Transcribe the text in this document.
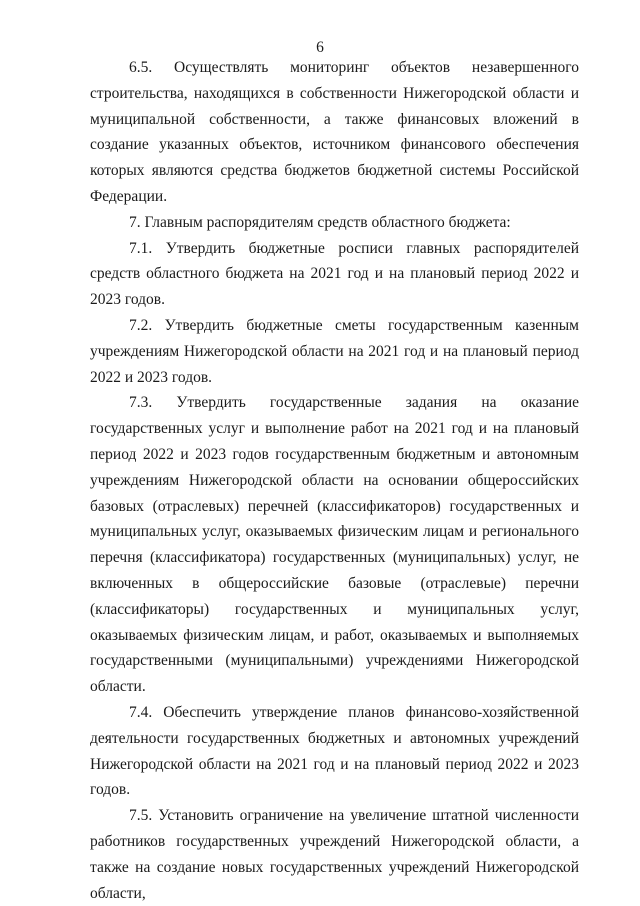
6

6.5. Осуществлять мониторинг объектов незавершенного строительства, находящихся в собственности Нижегородской области и муниципальной собственности, а также финансовых вложений в создание указанных объектов, источником финансового обеспечения которых являются средства бюджетов бюджетной системы Российской Федерации.

7. Главным распорядителям средств областного бюджета:

7.1. Утвердить бюджетные росписи главных распорядителей средств областного бюджета на 2021 год и на плановый период 2022 и 2023 годов.

7.2. Утвердить бюджетные сметы государственным казенным учреждениям Нижегородской области на 2021 год и на плановый период 2022 и 2023 годов.

7.3. Утвердить государственные задания на оказание государственных услуг и выполнение работ на 2021 год и на плановый период 2022 и 2023 годов государственным бюджетным и автономным учреждениям Нижегородской области на основании общероссийских базовых (отраслевых) перечней (классификаторов) государственных и муниципальных услуг, оказываемых физическим лицам и регионального перечня (классификатора) государственных (муниципальных) услуг, не включенных в общероссийские базовые (отраслевые) перечни (классификаторы) государственных и муниципальных услуг, оказываемых физическим лицам, и работ, оказываемых и выполняемых государственными (муниципальными) учреждениями Нижегородской области.

7.4. Обеспечить утверждение планов финансово-хозяйственной деятельности государственных бюджетных и автономных учреждений Нижегородской области на 2021 год и на плановый период 2022 и 2023 годов.

7.5. Установить ограничение на увеличение штатной численности работников государственных учреждений Нижегородской области, а также на создание новых государственных учреждений Нижегородской области,
